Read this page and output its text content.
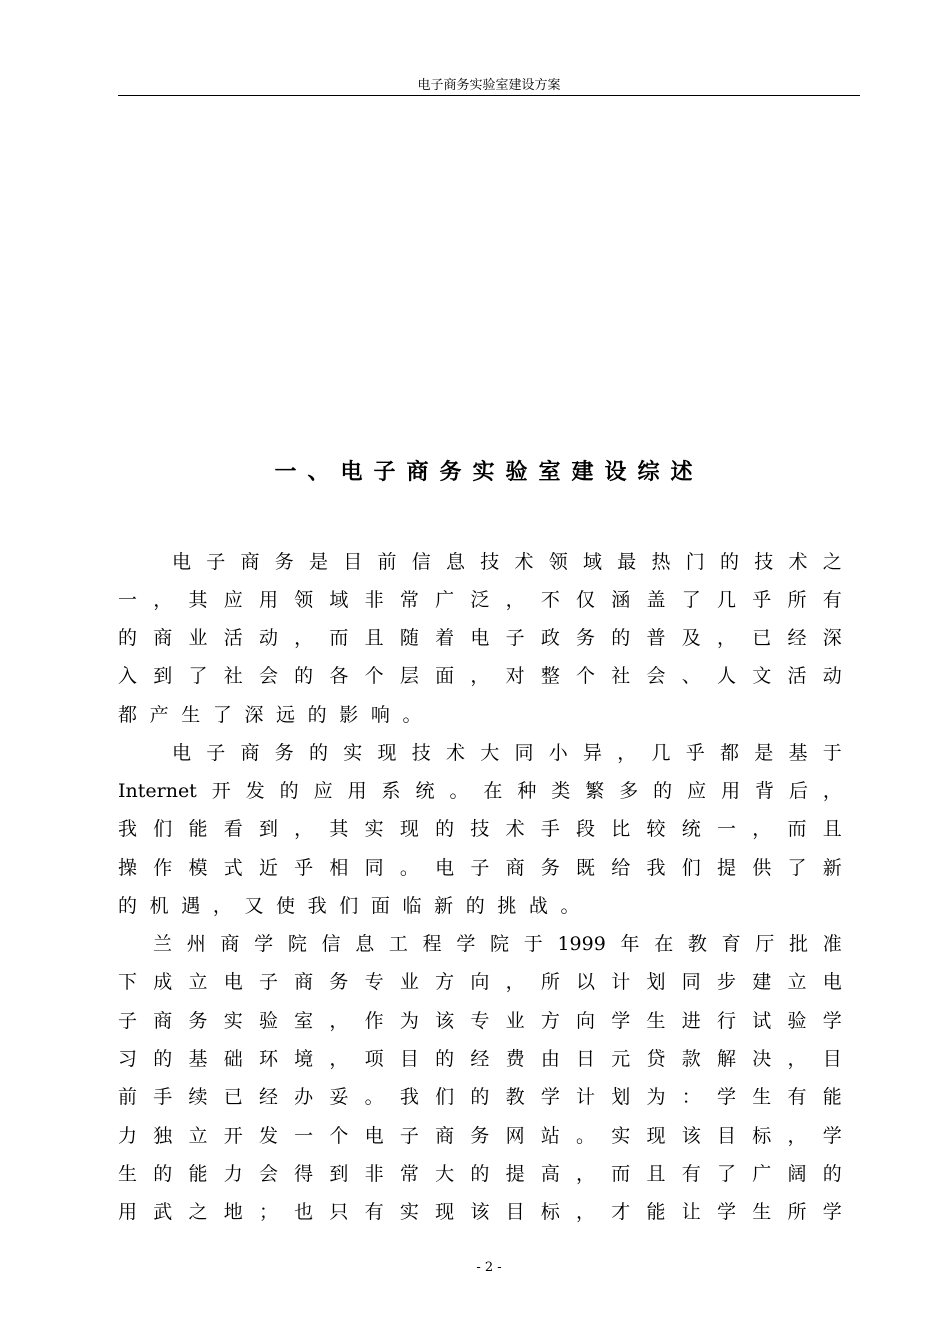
电子商务实验室建设方案
一、电子商务实验室建设综述
电 子 商 务 是 目 前 信 息 技 术 领 域 最 热 门 的 技 术 之
一 ， 其 应 用 领 域 非 常 广 泛 ， 不 仅 涵 盖 了 几 乎 所 有
的 商 业 活 动 ， 而 且 随 着 电 子 政 务 的 普 及 ， 已 经 深
入 到 了 社 会 的 各 个 层 面 ， 对 整 个 社 会 、 人 文 活 动
都 产 生 了 深 远 的 影 响 。
电 子 商 务 的 实 现 技 术 大 同 小 异 ， 几 乎 都 是 基 于
Internet 开 发 的 应 用 系 统 。 在 种 类 繁 多 的 应 用 背 后 ，
我 们 能 看 到 ， 其 实 现 的 技 术 手 段 比 较 统 一 ， 而 且
操 作 模 式 近 乎 相 同 。 电 子 商 务 既 给 我 们 提 供 了 新
的 机 遇 ， 又 使 我 们 面 临 新 的 挑 战 。
兰 州 商 学 院 信 息 工 程 学 院 于 1999 年 在 教 育 厅 批 准
下 成 立 电 子 商 务 专 业 方 向 ， 所 以 计 划 同 步 建 立 电
子 商 务 实 验 室 ， 作 为 该 专 业 方 向 学 生 进 行 试 验 学
习 的 基 础 环 境 ， 项 目 的 经 费 由 日 元 贷 款 解 决 ， 目
前 手 续 已 经 办 妥 。 我 们 的 教 学 计 划 为 ： 学 生 有 能
力 独 立 开 发 一 个 电 子 商 务 网 站 。 实 现 该 目 标 ， 学
生 的 能 力 会 得 到 非 常 大 的 提 高 ， 而 且 有 了 广 阔 的
用 武 之 地 ； 也 只 有 实 现 该 目 标 ， 才 能 让 学 生 所 学
- 2 -
